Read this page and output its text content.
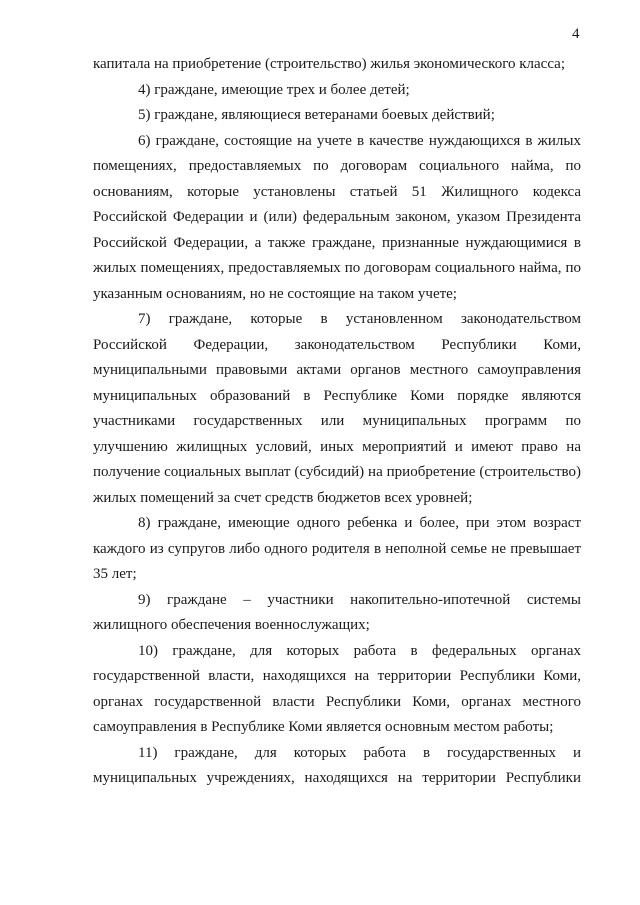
4

капитала на приобретение (строительство) жилья экономического класса;

4) граждане, имеющие трех и более детей;

5) граждане, являющиеся ветеранами боевых действий;

6) граждане, состоящие на учете в качестве нуждающихся в жилых помещениях, предоставляемых по договорам социального найма, по основаниям, которые установлены статьей 51 Жилищного кодекса Российской Федерации и (или) федеральным законом, указом Президента Российской Федерации, а также граждане, признанные нуждающимися в жилых помещениях, предоставляемых по договорам социального найма, по указанным основаниям, но не состоящие на таком учете;

7) граждане, которые в установленном законодательством Российской Федерации, законодательством Республики Коми, муниципальными правовыми актами органов местного самоуправления муниципальных образований в Республике Коми порядке являются участниками государственных или муниципальных программ по улучшению жилищных условий, иных мероприятий и имеют право на получение социальных выплат (субсидий) на приобретение (строительство) жилых помещений за счет средств бюджетов всех уровней;

8) граждане, имеющие одного ребенка и более, при этом возраст каждого из супругов либо одного родителя в неполной семье не превышает 35 лет;

9) граждане – участники накопительно-ипотечной системы жилищного обеспечения военнослужащих;

10) граждане, для которых работа в федеральных органах государственной власти, находящихся на территории Республики Коми, органах государственной власти Республики Коми, органах местного самоуправления в Республике Коми является основным местом работы;

11) граждане, для которых работа в государственных и муниципальных учреждениях, находящихся на территории Республики
